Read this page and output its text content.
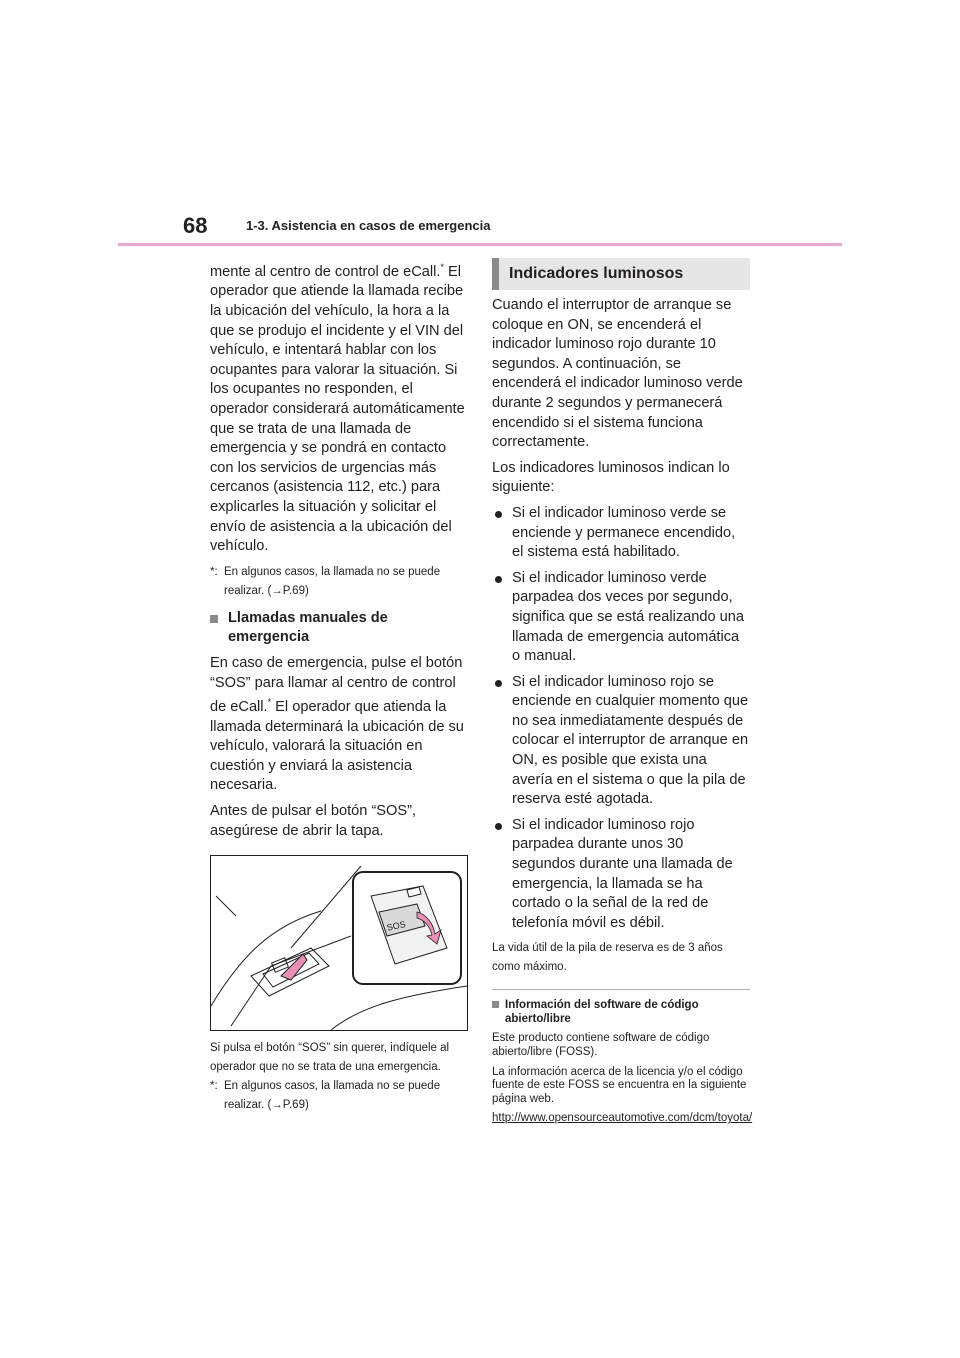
68	1-3. Asistencia en casos de emergencia

mente al centro de control de eCall.* El operador que atiende la llamada recibe la ubicación del vehículo, la hora a la que se produjo el incidente y el VIN del vehículo, e intentará hablar con los ocupantes para valorar la situación. Si los ocupantes no responden, el operador considerará automáticamente que se trata de una llamada de emergencia y se pondrá en contacto con los servicios de urgencias más cercanos (asistencia 112, etc.) para explicarles la situación y solicitar el envío de asistencia a la ubicación del vehículo.

*: En algunos casos, la llamada no se puede realizar. (→P.69)
Llamadas manuales de emergencia

En caso de emergencia, pulse el botón “SOS” para llamar al centro de control de eCall.* El operador que atienda la llamada determinará la ubicación de su vehículo, valorará la situación en cuestión y enviará la asistencia necesaria.

Antes de pulsar el botón “SOS”, asegúrese de abrir la tapa.

SOS

Si pulsa el botón “SOS” sin querer, indíquele al operador que no se trata de una emergencia.

*: En algunos casos, la llamada no se puede realizar. (→P.69)
Indicadores luminosos

Cuando el interruptor de arranque se coloque en ON, se encenderá el indicador luminoso rojo durante 10 segundos. A continuación, se encenderá el indicador luminoso verde durante 2 segundos y permanecerá encendido si el sistema funciona correctamente.

Los indicadores luminosos indican lo siguiente:

Si el indicador luminoso verde se enciende y permanece encendido, el sistema está habilitado.
Si el indicador luminoso verde parpadea dos veces por segundo, significa que se está realizando una llamada de emergencia automática o manual.
Si el indicador luminoso rojo se enciende en cualquier momento que no sea inmediatamente después de colocar el interruptor de arranque en ON, es posible que exista una avería en el sistema o que la pila de reserva esté agotada.
Si el indicador luminoso rojo parpadea durante unos 30 segundos durante una llamada de emergencia, la llamada se ha cortado o la señal de la red de telefonía móvil es débil.

La vida útil de la pila de reserva es de 3 años como máximo.

Información del software de código abierto/libre

Este producto contiene software de código abierto/libre (FOSS).

La información acerca de la licencia y/o el código fuente de este FOSS se encuentra en la siguiente página web.

http://www.opensourceautomotive.com/dcm/toyota/
